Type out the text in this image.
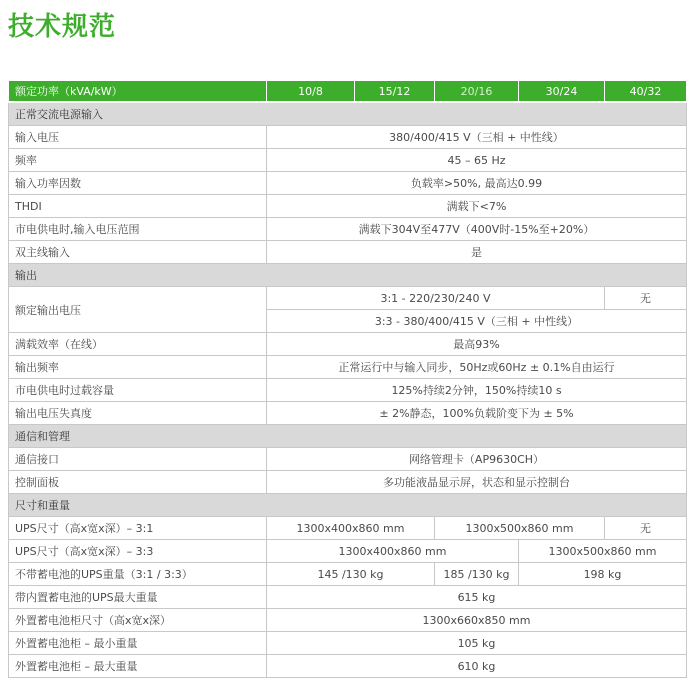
技术规范
额定功率（kVA/kW）	10/8	15/12	20/16	30/24	40/32
正常交流电源输入					
输入电压	380/400/415 V（三相 + 中性线）				
频率	45 – 65 Hz				
输入功率因数	负载率>50%, 最高达0.99				
THDI	满载下<7%				
市电供电时,输入电压范围	满载下304V至477V（400V时-15%至+20%）				
双主线输入	是				
输出					
额定输出电压	3:1 - 220/230/240 V				无
	3:3 - 380/400/415 V（三相 + 中性线）				
满载效率（在线）	最高93%				
输出频率	正常运行中与输入同步，50Hz或60Hz ± 0.1%自由运行				
市电供电时过载容量	125%持续2分钟，150%持续10 s				
输出电压失真度	± 2%静态，100%负载阶变下为 ± 5%				
通信和管理					
通信接口	网络管理卡（AP9630CH）				
控制面板	多功能液晶显示屏，状态和显示控制台				
尺寸和重量					
UPS尺寸（高x宽x深）– 3:1	1300x400x860 mm		1300x500x860 mm		无
UPS尺寸（高x宽x深）– 3:3	1300x400x860 mm			1300x500x860 mm	
不带蓄电池的UPS重量（3:1 / 3:3）	145 /130 kg		185 /130 kg	198 kg	
带内置蓄电池的UPS最大重量	615 kg				
外置蓄电池柜尺寸（高x宽x深）	1300x660x850 mm				
外置蓄电池柜 – 最小重量	105 kg				
外置蓄电池柜 – 最大重量	610 kg				
